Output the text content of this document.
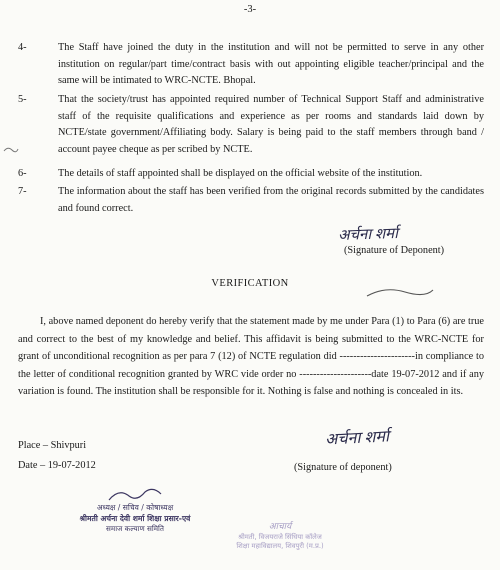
-3-
4-	The Staff have joined the duty in the institution and will not be permitted to serve in any other institution on regular/part time/contract basis with out appointing eligible teacher/principal and the same will be intimated to WRC-NCTE. Bhopal.
5-	That the society/trust has appointed required number of Technical Support Staff and administrative staff of the requisite qualifications and experience as per rooms and standards laid down by NCTE/state government/Affiliating body. Salary is being paid to the staff members through band / account payee cheque as per scribed by NCTE.
6-	The details of staff appointed shall be displayed on the official website of the institution.
7-	The information about the staff has been verified from the original records submitted by the candidates and found correct.
अर्चना शर्मा
(Signature of Deponent)
VERIFICATION
I, above named deponent do hereby verify that the statement made by me under Para (1) to Para (6) are true and correct to the best of my knowledge and belief. This affidavit is being submitted to the WRC-NCTE for grant of unconditional recognition as per para 7 (12) of NCTE regulation did ----------------------in compliance to the letter of conditional recognition granted by WRC vide order no ---------------------date 19-07-2012 and if any variation is found. The institution shall be responsible for it. Nothing is false and nothing is concealed in its.
अर्चना शर्मा
Place – Shivpuri
Date – 19-07-2012	(Signature of deponent)
अध्यक्ष / सचिव / कोषाध्यक्ष
श्रीमती अर्चना देवी शर्मा शिक्षा प्रसार-एवं
समाज कल्याण समिति	आचार्य
श्रीमती, विजयराजे सिंधिया कॉलेज
शिक्षा महाविद्यालय, शिवपुरी (म.प्र.)
